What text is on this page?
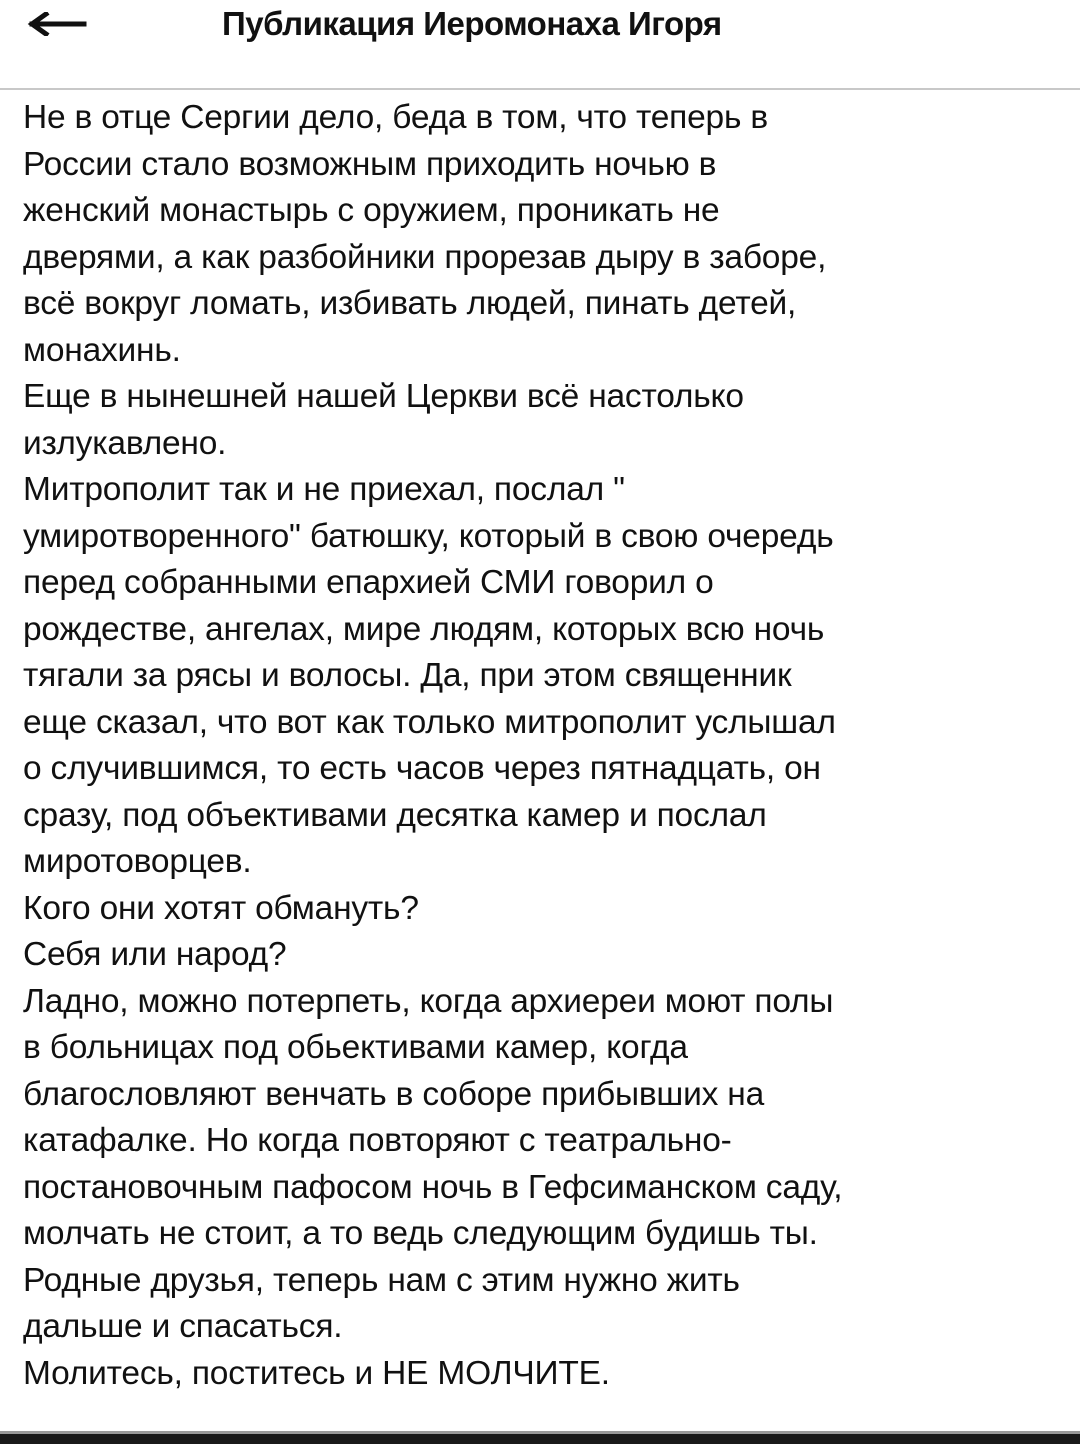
Публикация Иеромонаха Игоря
Не в отце Сергии дело, беда в том, что теперь в
России стало возможным приходить ночью в
женский монастырь с оружием, проникать не
дверями, а как разбойники прорезав дыру в заборе,
всё вокруг ломать, избивать людей, пинать детей,
монахинь.
Еще в нынешней нашей Церкви всё настолько
излукавлено.
Митрополит так и не приехал, послал "
умиротворенного" батюшку, который в свою очередь
перед собранными епархией СМИ говорил о
рождестве, ангелах, мире людям, которых всю ночь
тягали за рясы и волосы. Да, при этом священник
еще сказал, что вот как только митрополит услышал
о случившимся, то есть часов через пятнадцать, он
сразу, под объективами десятка камер и послал
миротоворцев.
Кого они хотят обмануть?
Себя или народ?
Ладно, можно потерпеть, когда архиереи моют полы
в больницах под обьективами камер, когда
благословляют венчать в соборе прибывших на
катафалке. Но когда повторяют с театрально-
постановочным пафосом ночь в Гефсиманском саду,
молчать не стоит, а то ведь следующим будишь ты.
Родные друзья, теперь нам с этим нужно жить
дальше и спасаться.
Молитесь, поститесь и НЕ МОЛЧИТЕ.
